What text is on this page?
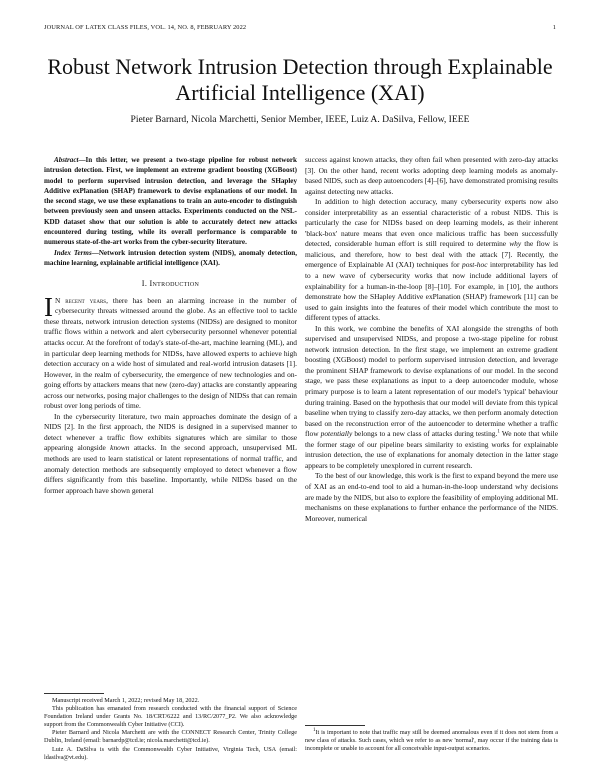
JOURNAL OF LATEX CLASS FILES, VOL. 14, NO. 8, FEBRUARY 2022	1
Robust Network Intrusion Detection through Explainable Artificial Intelligence (XAI)
Pieter Barnard, Nicola Marchetti, Senior Member, IEEE, Luiz A. DaSilva, Fellow, IEEE

Abstract—In this letter, we present a two-stage pipeline for robust network intrusion detection. First, we implement an extreme gradient boosting (XGBoost) model to perform supervised intrusion detection, and leverage the SHapley Additive exPlanation (SHAP) framework to devise explanations of our model. In the second stage, we use these explanations to train an auto-encoder to distinguish between previously seen and unseen attacks. Experiments conducted on the NSL-KDD dataset show that our solution is able to accurately detect new attacks encountered during testing, while its overall performance is comparable to numerous state-of-the-art works from the cyber-security literature.

Index Terms—Network intrusion detection system (NIDS), anomaly detection, machine learning, explainable artificial intelligence (XAI).

I. Introduction

I N recent years, there has been an alarming increase in the number of cybersecurity threats witnessed around the globe. As an effective tool to tackle these threats, network intrusion detection systems (NIDSs) are designed to monitor traffic flows within a network and alert cybersecurity personnel whenever potential attacks occur. At the forefront of today's state-of-the-art, machine learning (ML), and in particular deep learning methods for NIDSs, have allowed experts to achieve high detection accuracy on a wide host of simulated and real-world intrusion datasets [1]. However, in the realm of cybersecurity, the emergence of new technologies and on-going efforts by attackers means that new (zero-day) attacks are constantly appearing across our networks, posing major challenges to the design of NIDSs that can remain robust over long periods of time.

In the cybersecurity literature, two main approaches dominate the design of a NIDS [2]. In the first approach, the NIDS is designed in a supervised manner to detect whenever a traffic flow exhibits signatures which are similar to those appearing alongside known attacks. In the second approach, unsupervised ML methods are used to learn statistical or latent representations of normal traffic, and anomaly detection methods are subsequently employed to detect whenever a flow differs significantly from this baseline. Importantly, while NIDSs based on the former approach have shown general

Manuscript received March 1, 2022; revised May 18, 2022.

This publication has emanated from research conducted with the financial support of Science Foundation Ireland under Grants No. 18/CRT/6222 and 13/RC/2077_P2. We also acknowledge support from the Commonwealth Cyber Initiative (CCI).

Pieter Barnard and Nicola Marchetti are with the CONNECT Research Center, Trinity College Dublin, Ireland (email: barnardp@tcd.ie; nicola.marchetti@tcd.ie).

Luiz A. DaSilva is with the Commonwealth Cyber Initiative, Virginia Tech, USA (email: ldasilva@vt.edu).

success against known attacks, they often fail when presented with zero-day attacks [3]. On the other hand, recent works adopting deep learning models as anomaly-based NIDS, such as deep autoencoders [4]–[6], have demonstrated promising results against detecting new attacks.

In addition to high detection accuracy, many cybersecurity experts now also consider interpretability as an essential characteristic of a robust NIDS. This is particularly the case for NIDSs based on deep learning models, as their inherent 'black-box' nature means that even once malicious traffic has been successfully detected, considerable human effort is still required to determine why the flow is malicious, and therefore, how to best deal with the attack [7]. Recently, the emergence of Explainable AI (XAI) techniques for post-hoc interpretability has led to a new wave of cybersecurity works that now include additional layers of explainability for a human-in-the-loop [8]–[10]. For example, in [10], the authors demonstrate how the SHapley Additive exPlanation (SHAP) framework [11] can be used to gain insights into the features of their model which contribute the most to different types of attacks.

In this work, we combine the benefits of XAI alongside the strengths of both supervised and unsupervised NIDSs, and propose a two-stage pipeline for robust network intrusion detection. In the first stage, we implement an extreme gradient boosting (XGBoost) model to perform supervised intrusion detection, and leverage the prominent SHAP framework to devise explanations of our model. In the second stage, we pass these explanations as input to a deep autoencoder module, whose primary purpose is to learn a latent representation of our model's 'typical' behaviour during training. Based on the hypothesis that our model will deviate from this typical baseline when trying to classify zero-day attacks, we then perform anomaly detection based on the reconstruction error of the autoencoder to determine whether a traffic flow potentially belongs to a new class of attacks during testing.$^1$ We note that while the former stage of our pipeline bears similarity to existing works for explainable intrusion detection, the use of explanations for anomaly detection in the latter stage appears to be completely unexplored in current research.

To the best of our knowledge, this work is the first to expand beyond the mere use of XAI as an end-to-end tool to aid a human-in-the-loop understand why decisions are made by the NIDS, but also to explore the feasibility of employing additional ML mechanisms on these explanations to further enhance the performance of the NIDS. Moreover, numerical

$^1$It is important to note that traffic may still be deemed anomalous even if it does not stem from a new class of attacks. Such cases, which we refer to as new 'normal', may occur if the training data is incomplete or unable to account for all conceivable input-output scenarios.
